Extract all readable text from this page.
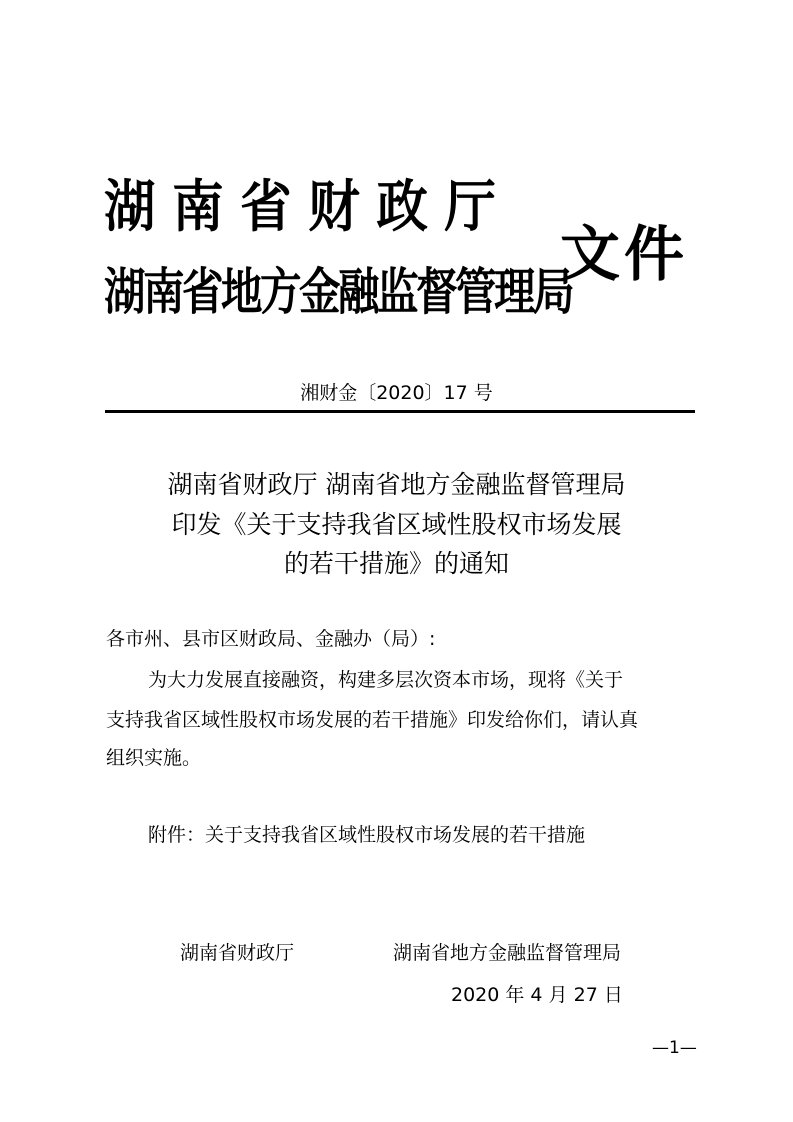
湖南省财政厅
湖南省地方金融监督管理局
文件
湘财金〔2020〕17 号
湖南省财政厅 湖南省地方金融监督管理局
印发《关于支持我省区域性股权市场发展
的若干措施》的通知
各市州、县市区财政局、金融办（局）:
为大力发展直接融资，构建多层次资本市场，现将《关于
支持我省区域性股权市场发展的若干措施》印发给你们，请认真
组织实施。
附件：关于支持我省区域性股权市场发展的若干措施
湖南省财政厅	湖南省地方金融监督管理局
2020 年 4 月 27 日
—1—
